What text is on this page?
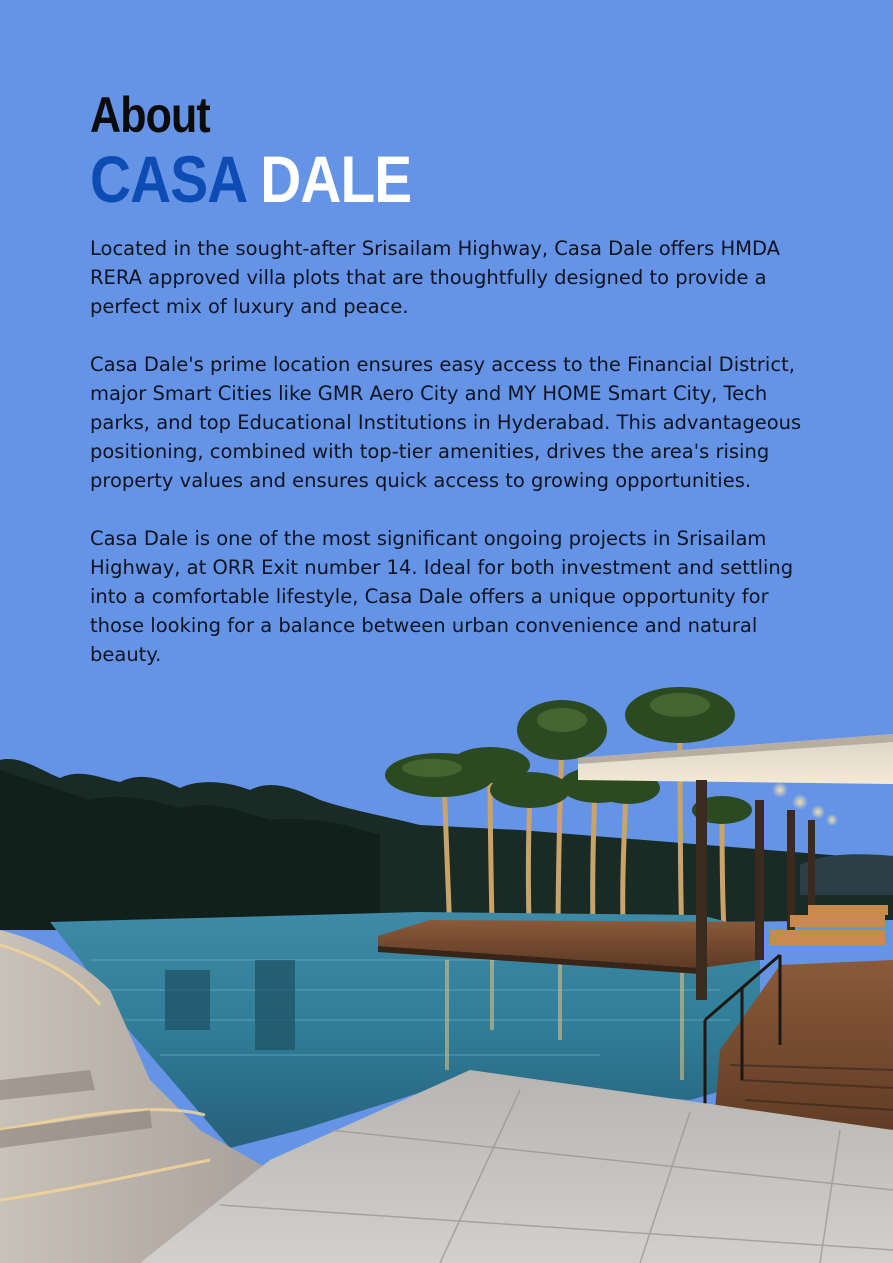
About
CASA DALE

Located in the sought-after Srisailam Highway, Casa Dale offers HMDA RERA approved villa plots that are thoughtfully designed to provide a perfect mix of luxury and peace.

Casa Dale's prime location ensures easy access to the Financial District, major Smart Cities like GMR Aero City and MY HOME Smart City, Tech parks, and top Educational Institutions in Hyderabad. This advantageous positioning, combined with top-tier amenities, drives the area's rising property values and ensures quick access to growing opportunities.

Casa Dale is one of the most significant ongoing projects in Srisailam Highway, at ORR Exit number 14. Ideal for both investment and settling into a comfortable lifestyle, Casa Dale offers a unique opportunity for those looking for a balance between urban convenience and natural beauty.
